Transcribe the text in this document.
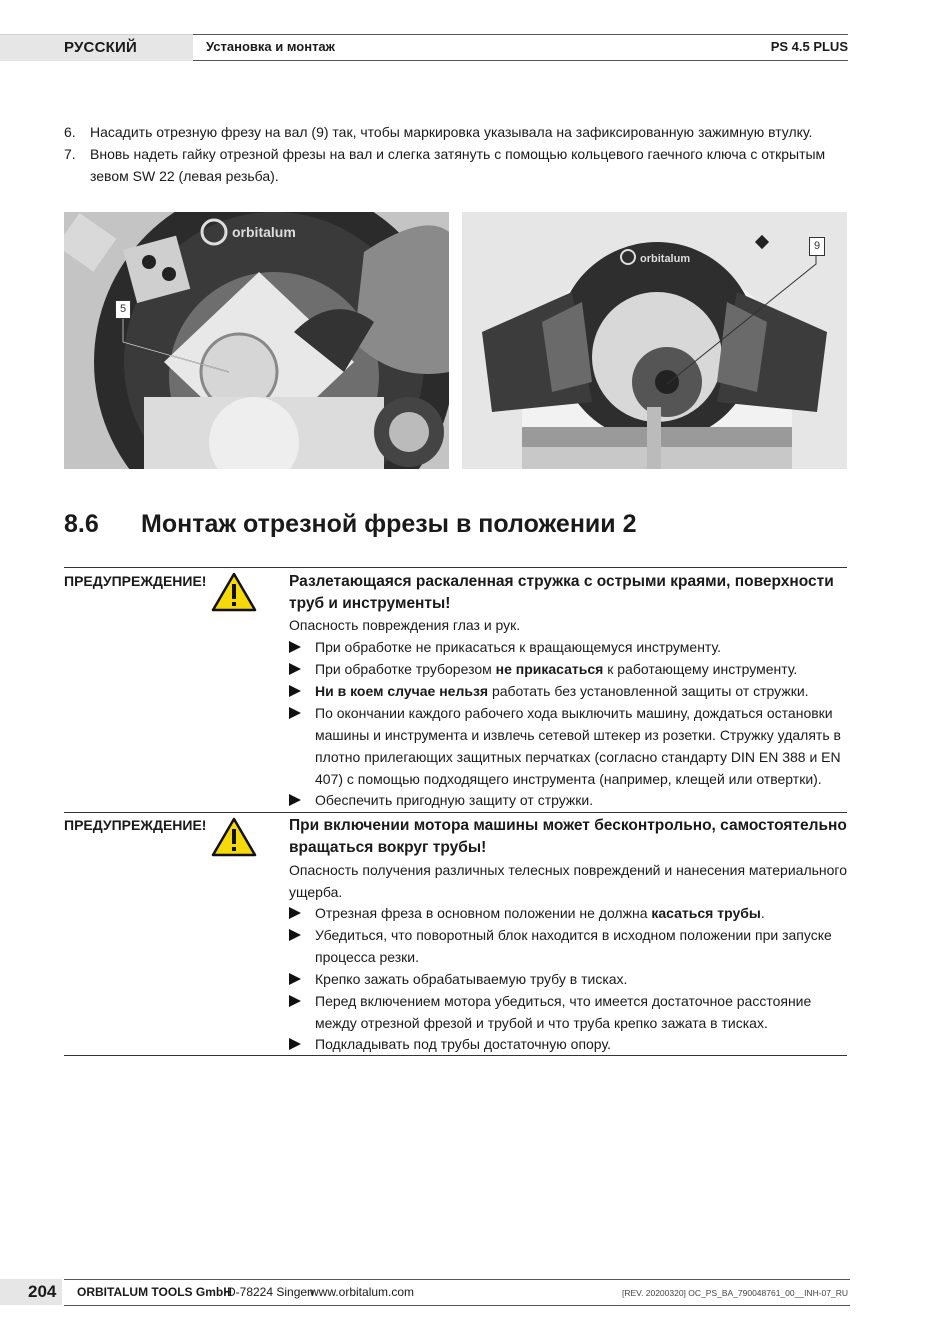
РУССКИЙ	Установка и монтаж	PS 4.5 PLUS
6. Насадить отрезную фрезу на вал (9) так, чтобы маркировка указывала на зафиксированную зажимную втулку.
7. Вновь надеть гайку отрезной фрезы на вал и слегка затянуть с помощью кольцевого гаечного ключа с открытым зевом SW 22 (левая резьба).
orbitalum
5
orbitalum
9
8.6 Монтаж отрезной фрезы в положении 2
ПРЕДУПРЕЖДЕНИЕ!	Разлетающаяся раскаленная стружка с острыми краями, поверхности труб и инструменты!
Опасность повреждения глаз и рук.
При обработке не прикасаться к вращающемуся инструменту.
При обработке труборезом не прикасаться к работающему инструменту.
Ни в коем случае нельзя работать без установленной защиты от стружки.
По окончании каждого рабочего хода выключить машину, дождаться остановки машины и инструмента и извлечь сетевой штекер из розетки. Стружку удалять в плотно прилегающих защитных перчатках (согласно стандарту DIN EN 388 и EN 407) с помощью подходящего инструмента (например, клещей или отвертки).
Обеспечить пригодную защиту от стружки.
ПРЕДУПРЕЖДЕНИЕ!	При включении мотора машины может бесконтрольно, самостоятельно вращаться вокруг трубы!
Опасность получения различных телесных повреждений и нанесения материального ущерба.
Отрезная фреза в основном положении не должна касаться трубы.
Убедиться, что поворотный блок находится в исходном положении при запуске процесса резки.
Крепко зажать обрабатываемую трубу в тисках.
Перед включением мотора убедиться, что имеется достаточное расстояние между отрезной фрезой и трубой и что труба крепко зажата в тисках.
Подкладывать под трубы достаточную опору.
204 ORBITALUM TOOLS GmbH
D-78224 Singen
www.orbitalum.com	[REV. 20200320] OC_PS_BA_790048761_00__INH-07_RU
